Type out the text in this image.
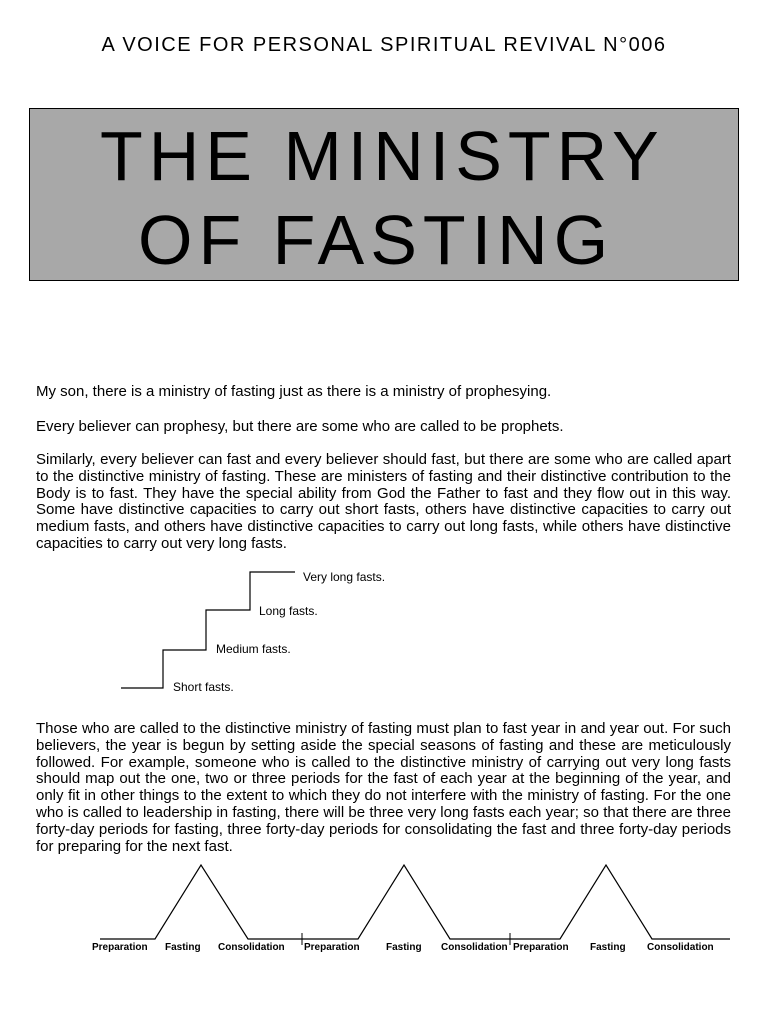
A VOICE FOR PERSONAL SPIRITUAL REVIVAL N°006
THE MINISTRY
OF FASTING

My son, there is a ministry of fasting just as there is a ministry of prophesying.

Every believer can prophesy, but there are some who are called to be prophets.

Similarly, every believer can fast and every believer should fast, but there are some who are called apart to the distinctive ministry of fasting. These are ministers of fasting and their distinctive contribution to the Body is to fast. They have the special ability from God the Father to fast and they flow out in this way. Some have distinctive capacities to carry out short fasts, others have distinctive capacities to carry out medium fasts, and others have distinctive capacities to carry out long fasts, while others have distinctive capacities to carry out very long fasts.

Short fasts.
Medium fasts.
Long fasts.
Very long fasts.

Those who are called to the distinctive ministry of fasting must plan to fast year in and year out. For such believers, the year is begun by setting aside the special seasons of fasting and these are meticulously followed. For example, someone who is called to the distinctive ministry of carrying out very long fasts should map out the one, two or three periods for the fast of each year at the beginning of the year, and only fit in other things to the extent to which they do not interfere with the ministry of fasting. For the one who is called to leadership in fasting, there will be three very long fasts each year; so that there are three forty-day periods for fasting, three forty-day periods for consolidating the fast and three forty-day periods for preparing for the next fast.

Preparation Fasting Consolidation Preparation	Fasting Consolidation Preparation Fasting Consolidation
